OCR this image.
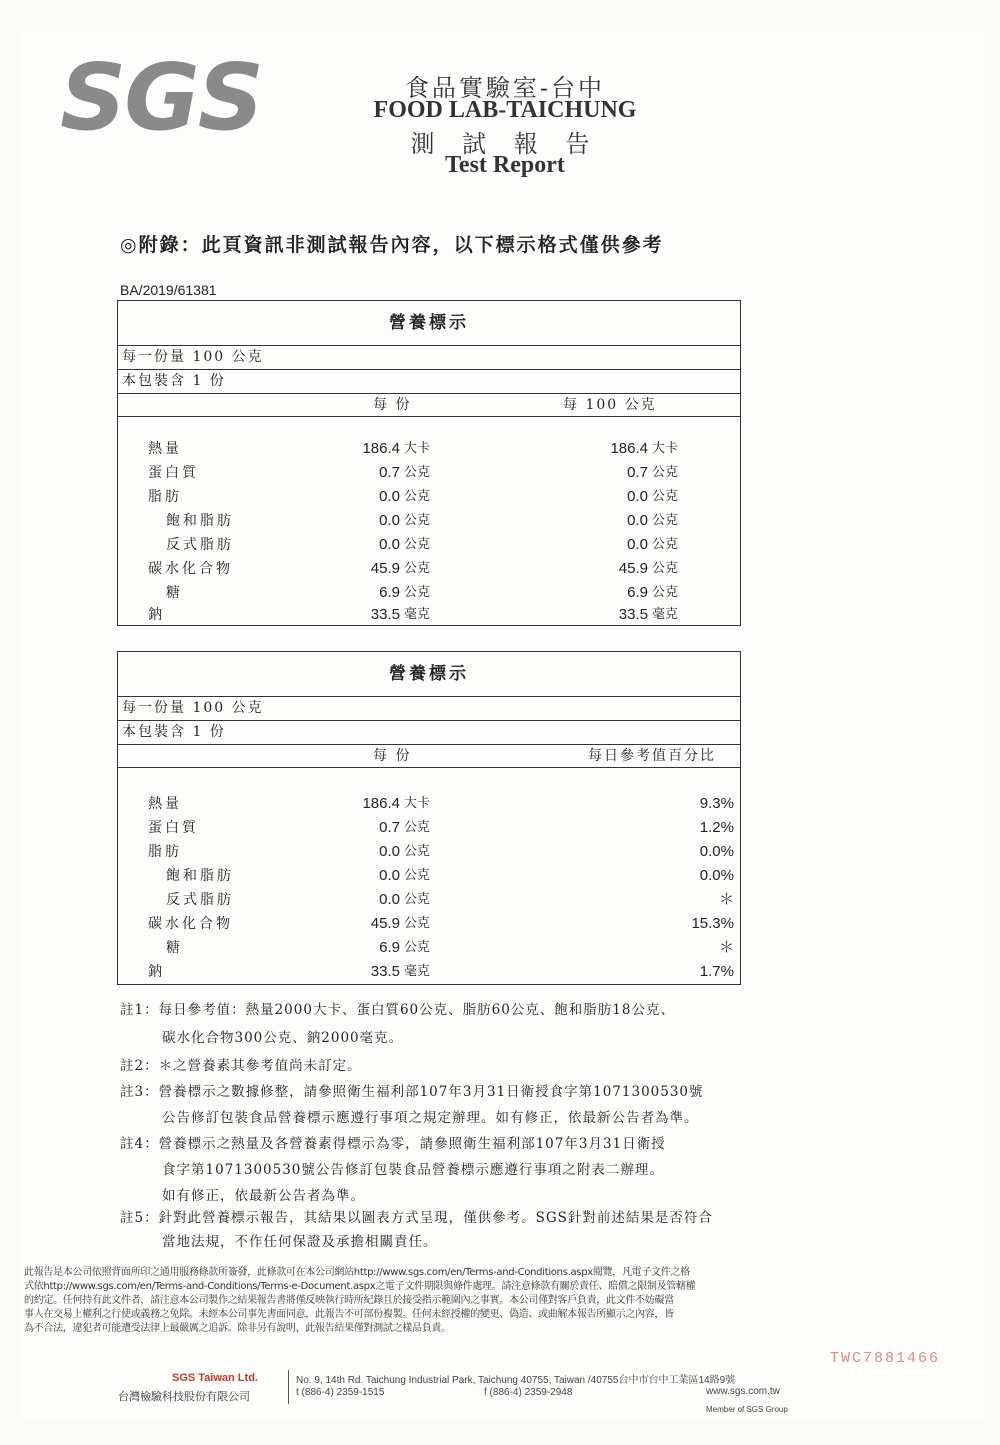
SGS	食品實驗室-台中
FOOD LAB-TAICHUNG
測 試 報 告
Test Report
◎附錄：此頁資訊非測試報告內容，以下標示格式僅供參考
BA/2019/61381
營養標示
每一份量 100 公克
本包裝含 1 份
每 份	每 100 公克
熱量	186.4 大卡	186.4 大卡
蛋白質	0.7 公克	0.7 公克
脂肪	0.0 公克	0.0 公克
飽和脂肪	0.0 公克	0.0 公克
反式脂肪	0.0 公克	0.0 公克
碳水化合物	45.9 公克	45.9 公克
糖	6.9 公克	6.9 公克
鈉	33.5 毫克	33.5 毫克
營養標示
每一份量 100 公克
本包裝含 1 份
每 份	每日參考值百分比
熱量	186.4 大卡	9.3%
蛋白質	0.7 公克	1.2%
脂肪	0.0 公克	0.0%
飽和脂肪	0.0 公克	0.0%
反式脂肪	0.0 公克	＊
碳水化合物	45.9 公克	15.3%
糖	6.9 公克	＊
鈉	33.5 毫克	1.7%
註1：每日參考值：熱量2000大卡、蛋白質60公克、脂肪60公克、飽和脂肪18公克、
碳水化合物300公克、鈉2000毫克。
註2：＊之營養素其參考值尚未訂定。
註3：營養標示之數據修整，請參照衛生福利部107年3月31日衛授食字第1071300530號
公告修訂包裝食品營養標示應遵行事項之規定辦理。如有修正，依最新公告者為準。
註4：營養標示之熱量及各營養素得標示為零，請參照衛生福利部107年3月31日衛授
食字第1071300530號公告修訂包裝食品營養標示應遵行事項之附表二辦理。
如有修正，依最新公告者為準。
註5：針對此營養標示報告，其結果以圖表方式呈現，僅供參考。SGS針對前述結果是否符合
當地法規，不作任何保證及承擔相關責任。
此報告是本公司依照背面所印之通用服務條款所簽發，此條款可在本公司網站http://www.sgs.com/en/Terms-and-Conditions.aspx閱覽，凡電子文件之格
式依http://www.sgs.com/en/Terms-and-Conditions/Terms-e-Document.aspx之電子文件期限與條件處理。請注意條款有關於責任、賠償之限制及管轄權
的約定。任何持有此文件者，請注意本公司製作之結果報告書將僅反映執行時所紀錄且於接受指示範圍內之事實。本公司僅對客戶負責，此文件不妨礙當
事人在交易上權利之行使或義務之免除。未經本公司事先書面同意，此報告不可部份複製。任何未經授權的變更、偽造、或曲解本報告所顯示之內容，皆
為不合法，違犯者可能遭受法律上最嚴厲之追訴。除非另有說明，此報告結果僅對測試之樣品負責。
TWC7881466
SGS Taiwan Ltd.
台灣檢驗科技股份有限公司
No. 9, 14th Rd. Taichung Industrial Park, Taichung 40755, Taiwan /40755台中市台中工業區14路9號
t (886-4) 2359-1515	f (886-4) 2359-2948	www.sgs.com.tw
Member of SGS Group
